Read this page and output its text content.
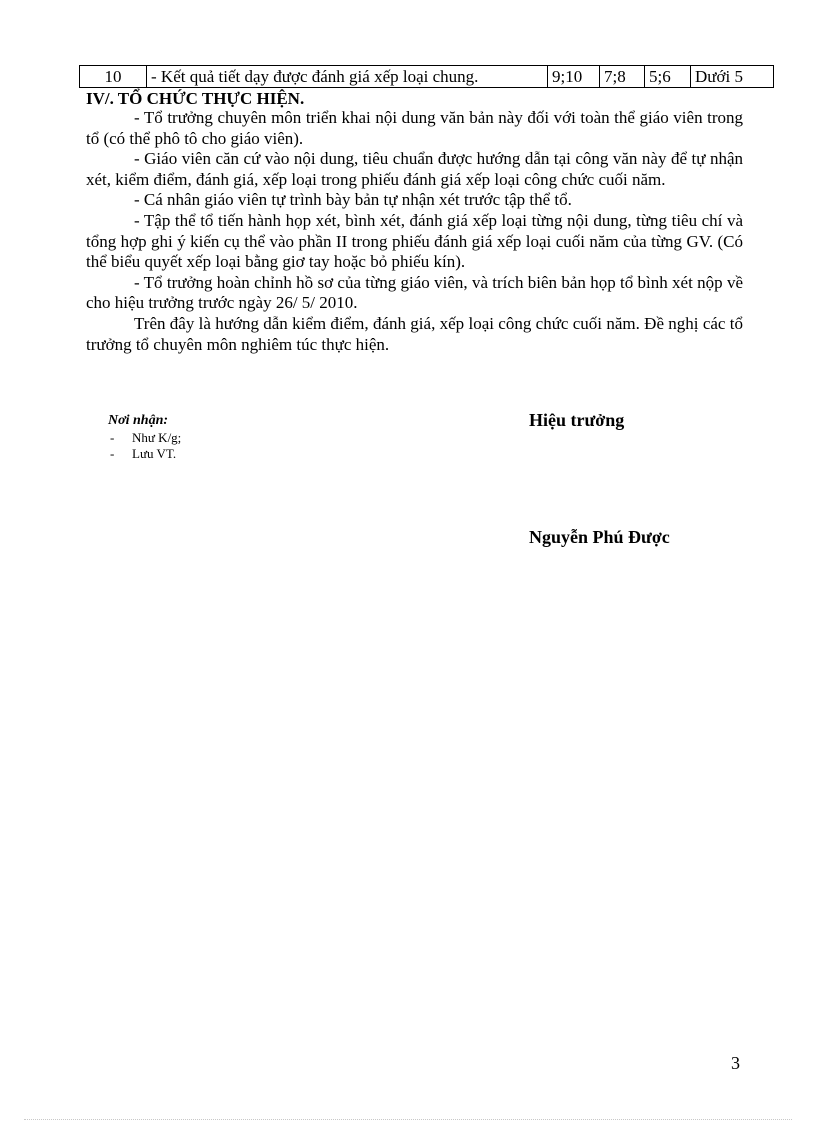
10	- Kết quả tiết dạy được đánh giá xếp loại chung.	9;10	7;8	5;6	Dưới 5
IV/. TỔ CHỨC THỰC HIỆN.

- Tổ trưởng chuyên môn triển khai nội dung văn bản này đối với toàn thể giáo viên trong tổ (có thể phô tô cho giáo viên).

- Giáo viên căn cứ vào nội dung, tiêu chuẩn được hướng dẫn tại công văn này để tự nhận xét, kiểm điểm, đánh giá, xếp loại trong phiếu đánh giá xếp loại công chức cuối năm.

- Cá nhân giáo viên tự trình bày bản tự nhận xét trước tập thể tổ.

- Tập thể tổ tiến hành họp xét, bình xét, đánh giá xếp loại từng nội dung, từng tiêu chí và tổng hợp ghi ý kiến cụ thể vào phần II trong phiếu đánh giá xếp loại cuối năm của từng GV. (Có thể biểu quyết xếp loại bằng giơ tay hoặc bỏ phiếu kín).

- Tổ trưởng hoàn chỉnh hồ sơ của từng giáo viên, và trích biên bản họp tổ bình xét nộp về cho hiệu trưởng trước ngày 26/ 5/ 2010.

Trên đây là hướng dẫn kiểm điểm, đánh giá, xếp loại công chức cuối năm. Đề nghị các tổ trưởng tổ chuyên môn nghiêm túc thực hiện.

Nơi nhận:
- Như K/g;
- Lưu VT.
Hiệu trưởng
Nguyễn Phú Được
3
